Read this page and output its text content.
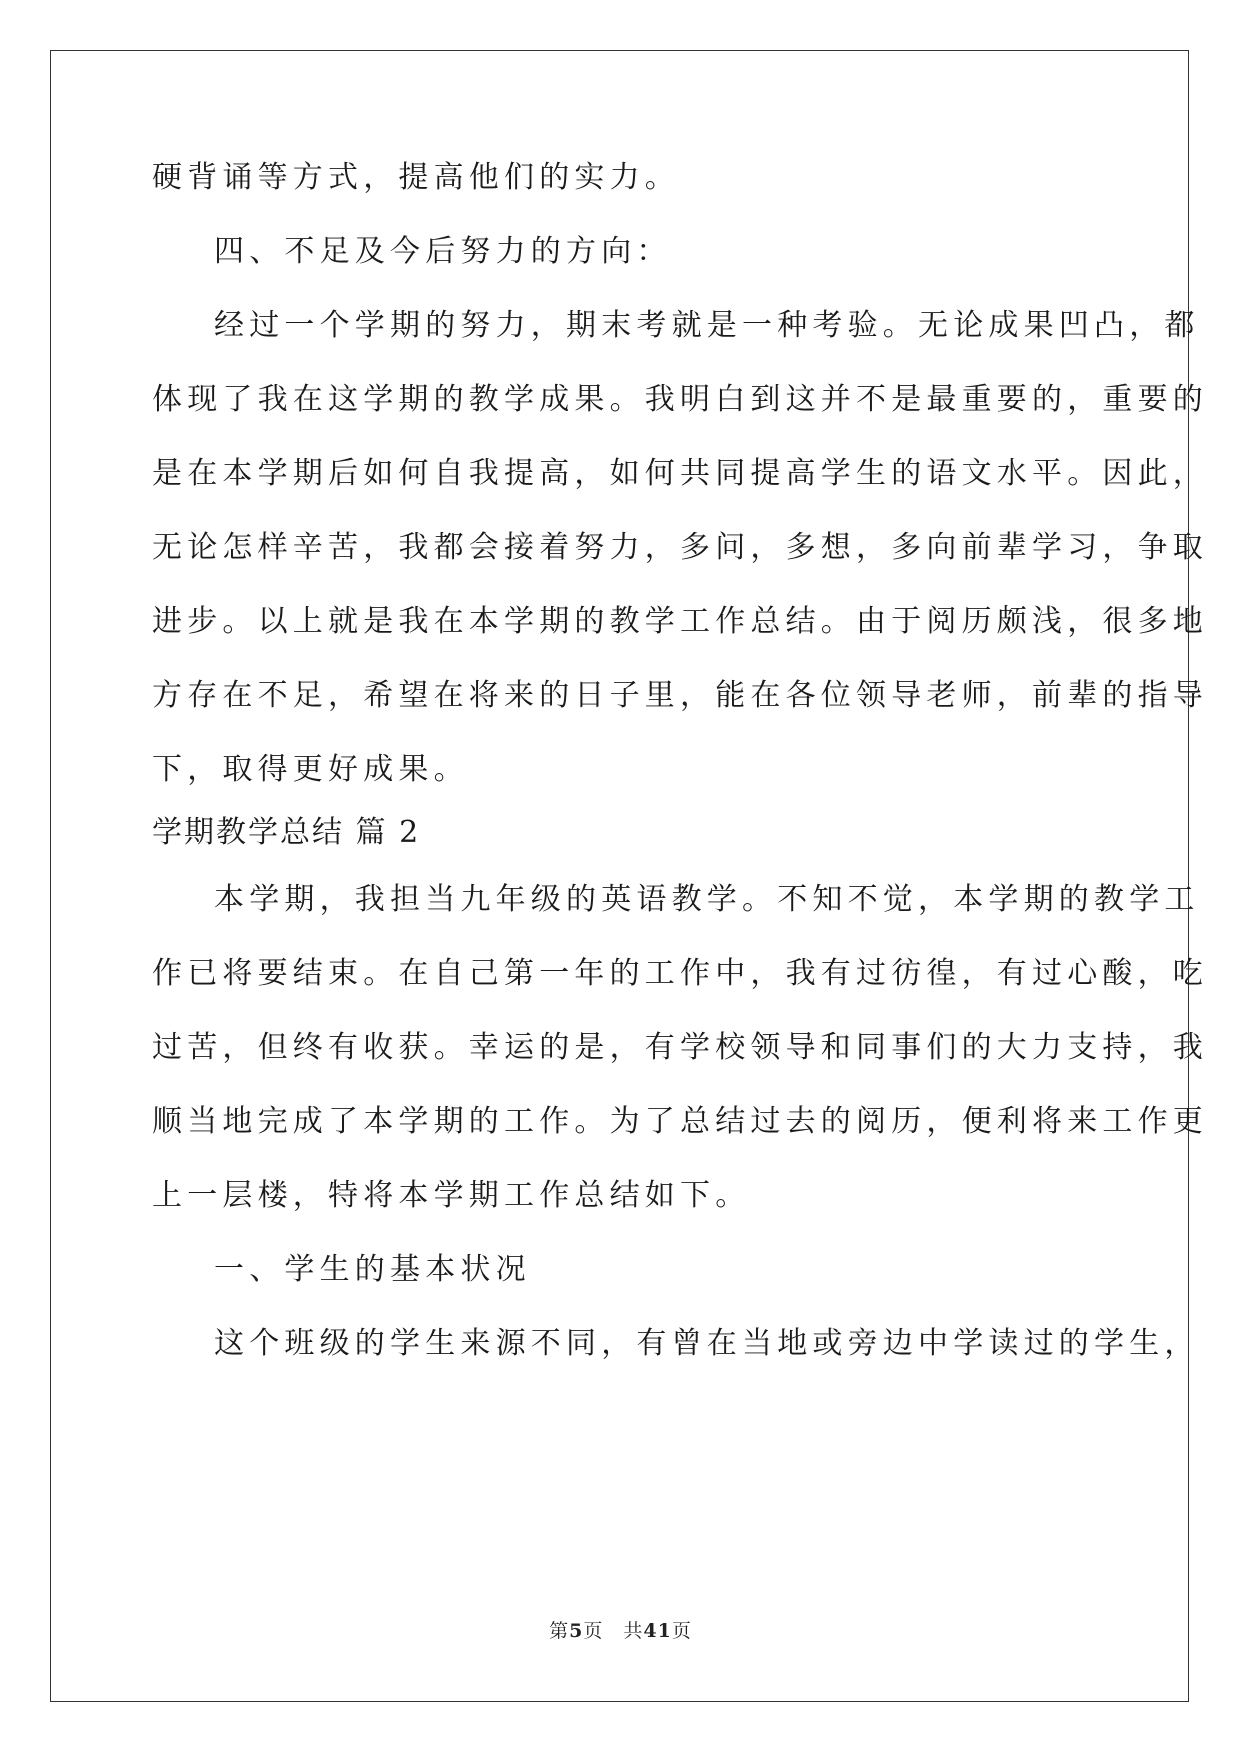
硬背诵等方式，提高他们的实力。
四、不足及今后努力的方向：
经过一个学期的努力，期末考就是一种考验。无论成果凹凸，都
体现了我在这学期的教学成果。我明白到这并不是最重要的，重要的
是在本学期后如何自我提高，如何共同提高学生的语文水平。因此，
无论怎样辛苦，我都会接着努力，多问，多想，多向前辈学习，争取
进步。以上就是我在本学期的教学工作总结。由于阅历颇浅，很多地
方存在不足，希望在将来的日子里，能在各位领导老师，前辈的指导
下，取得更好成果。
学期教学总结 篇 2
本学期，我担当九年级的英语教学。不知不觉，本学期的教学工
作已将要结束。在自己第一年的工作中，我有过彷徨，有过心酸，吃
过苦，但终有收获。幸运的是，有学校领导和同事们的大力支持，我
顺当地完成了本学期的工作。为了总结过去的阅历，便利将来工作更
上一层楼，特将本学期工作总结如下。
一、学生的基本状况
这个班级的学生来源不同，有曾在当地或旁边中学读过的学生，
第5页 共41页
